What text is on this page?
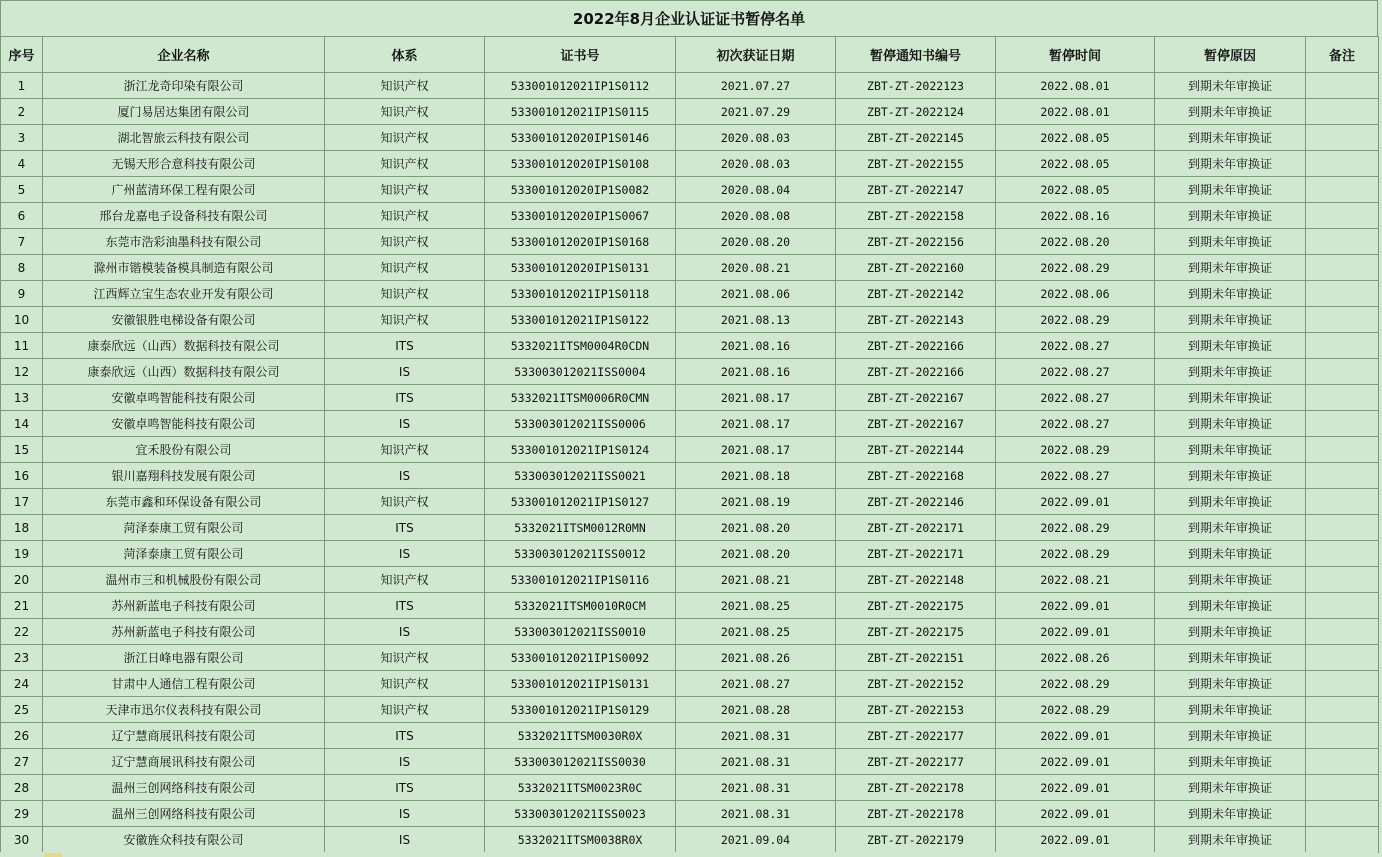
2022年8月企业认证证书暂停名单
序号	企业名称	体系	证书号	初次获证日期	暂停通知书编号	暂停时间	暂停原因	备注
1	浙江龙奇印染有限公司	知识产权	533001012021IP1S0112	2021.07.27	ZBT-ZT-2022123	2022.08.01	到期未年审换证	
2	厦门易居达集团有限公司	知识产权	533001012021IP1S0115	2021.07.29	ZBT-ZT-2022124	2022.08.01	到期未年审换证	
3	湖北智旅云科技有限公司	知识产权	533001012020IP1S0146	2020.08.03	ZBT-ZT-2022145	2022.08.05	到期未年审换证	
4	无锡天形合意科技有限公司	知识产权	533001012020IP1S0108	2020.08.03	ZBT-ZT-2022155	2022.08.05	到期未年审换证	
5	广州蓝清环保工程有限公司	知识产权	533001012020IP1S0082	2020.08.04	ZBT-ZT-2022147	2022.08.05	到期未年审换证	
6	邢台龙嘉电子设备科技有限公司	知识产权	533001012020IP1S0067	2020.08.08	ZBT-ZT-2022158	2022.08.16	到期未年审换证	
7	东莞市浩彩油墨科技有限公司	知识产权	533001012020IP1S0168	2020.08.20	ZBT-ZT-2022156	2022.08.20	到期未年审换证	
8	滁州市锴模装备模具制造有限公司	知识产权	533001012020IP1S0131	2020.08.21	ZBT-ZT-2022160	2022.08.29	到期未年审换证	
9	江西辉立宝生态农业开发有限公司	知识产权	533001012021IP1S0118	2021.08.06	ZBT-ZT-2022142	2022.08.06	到期未年审换证	
10	安徽银胜电梯设备有限公司	知识产权	533001012021IP1S0122	2021.08.13	ZBT-ZT-2022143	2022.08.29	到期未年审换证	
11	康泰欣远（山西）数据科技有限公司	ITS	5332021ITSM0004R0CDN	2021.08.16	ZBT-ZT-2022166	2022.08.27	到期未年审换证	
12	康泰欣远（山西）数据科技有限公司	IS	533003012021ISS0004	2021.08.16	ZBT-ZT-2022166	2022.08.27	到期未年审换证	
13	安徽卓鸣智能科技有限公司	ITS	5332021ITSM0006R0CMN	2021.08.17	ZBT-ZT-2022167	2022.08.27	到期未年审换证	
14	安徽卓鸣智能科技有限公司	IS	533003012021ISS0006	2021.08.17	ZBT-ZT-2022167	2022.08.27	到期未年审换证	
15	宜禾股份有限公司	知识产权	533001012021IP1S0124	2021.08.17	ZBT-ZT-2022144	2022.08.29	到期未年审换证	
16	银川嘉翔科技发展有限公司	IS	533003012021ISS0021	2021.08.18	ZBT-ZT-2022168	2022.08.27	到期未年审换证	
17	东莞市鑫和环保设备有限公司	知识产权	533001012021IP1S0127	2021.08.19	ZBT-ZT-2022146	2022.09.01	到期未年审换证	
18	菏泽泰康工贸有限公司	ITS	5332021ITSM0012R0MN	2021.08.20	ZBT-ZT-2022171	2022.08.29	到期未年审换证	
19	菏泽泰康工贸有限公司	IS	533003012021ISS0012	2021.08.20	ZBT-ZT-2022171	2022.08.29	到期未年审换证	
20	温州市三和机械股份有限公司	知识产权	533001012021IP1S0116	2021.08.21	ZBT-ZT-2022148	2022.08.21	到期未年审换证	
21	苏州新蓝电子科技有限公司	ITS	5332021ITSM0010R0CM	2021.08.25	ZBT-ZT-2022175	2022.09.01	到期未年审换证	
22	苏州新蓝电子科技有限公司	IS	533003012021ISS0010	2021.08.25	ZBT-ZT-2022175	2022.09.01	到期未年审换证	
23	浙江日峰电器有限公司	知识产权	533001012021IP1S0092	2021.08.26	ZBT-ZT-2022151	2022.08.26	到期未年审换证	
24	甘肃中人通信工程有限公司	知识产权	533001012021IP1S0131	2021.08.27	ZBT-ZT-2022152	2022.08.29	到期未年审换证	
25	天津市迅尔仪表科技有限公司	知识产权	533001012021IP1S0129	2021.08.28	ZBT-ZT-2022153	2022.08.29	到期未年审换证	
26	辽宁慧商展讯科技有限公司	ITS	5332021ITSM0030R0X	2021.08.31	ZBT-ZT-2022177	2022.09.01	到期未年审换证	
27	辽宁慧商展讯科技有限公司	IS	533003012021ISS0030	2021.08.31	ZBT-ZT-2022177	2022.09.01	到期未年审换证	
28	温州三创网络科技有限公司	ITS	5332021ITSM0023R0C	2021.08.31	ZBT-ZT-2022178	2022.09.01	到期未年审换证	
29	温州三创网络科技有限公司	IS	533003012021ISS0023	2021.08.31	ZBT-ZT-2022178	2022.09.01	到期未年审换证	
30	安徽旌众科技有限公司	IS	5332021ITSM0038R0X	2021.09.04	ZBT-ZT-2022179	2022.09.01	到期未年审换证	
